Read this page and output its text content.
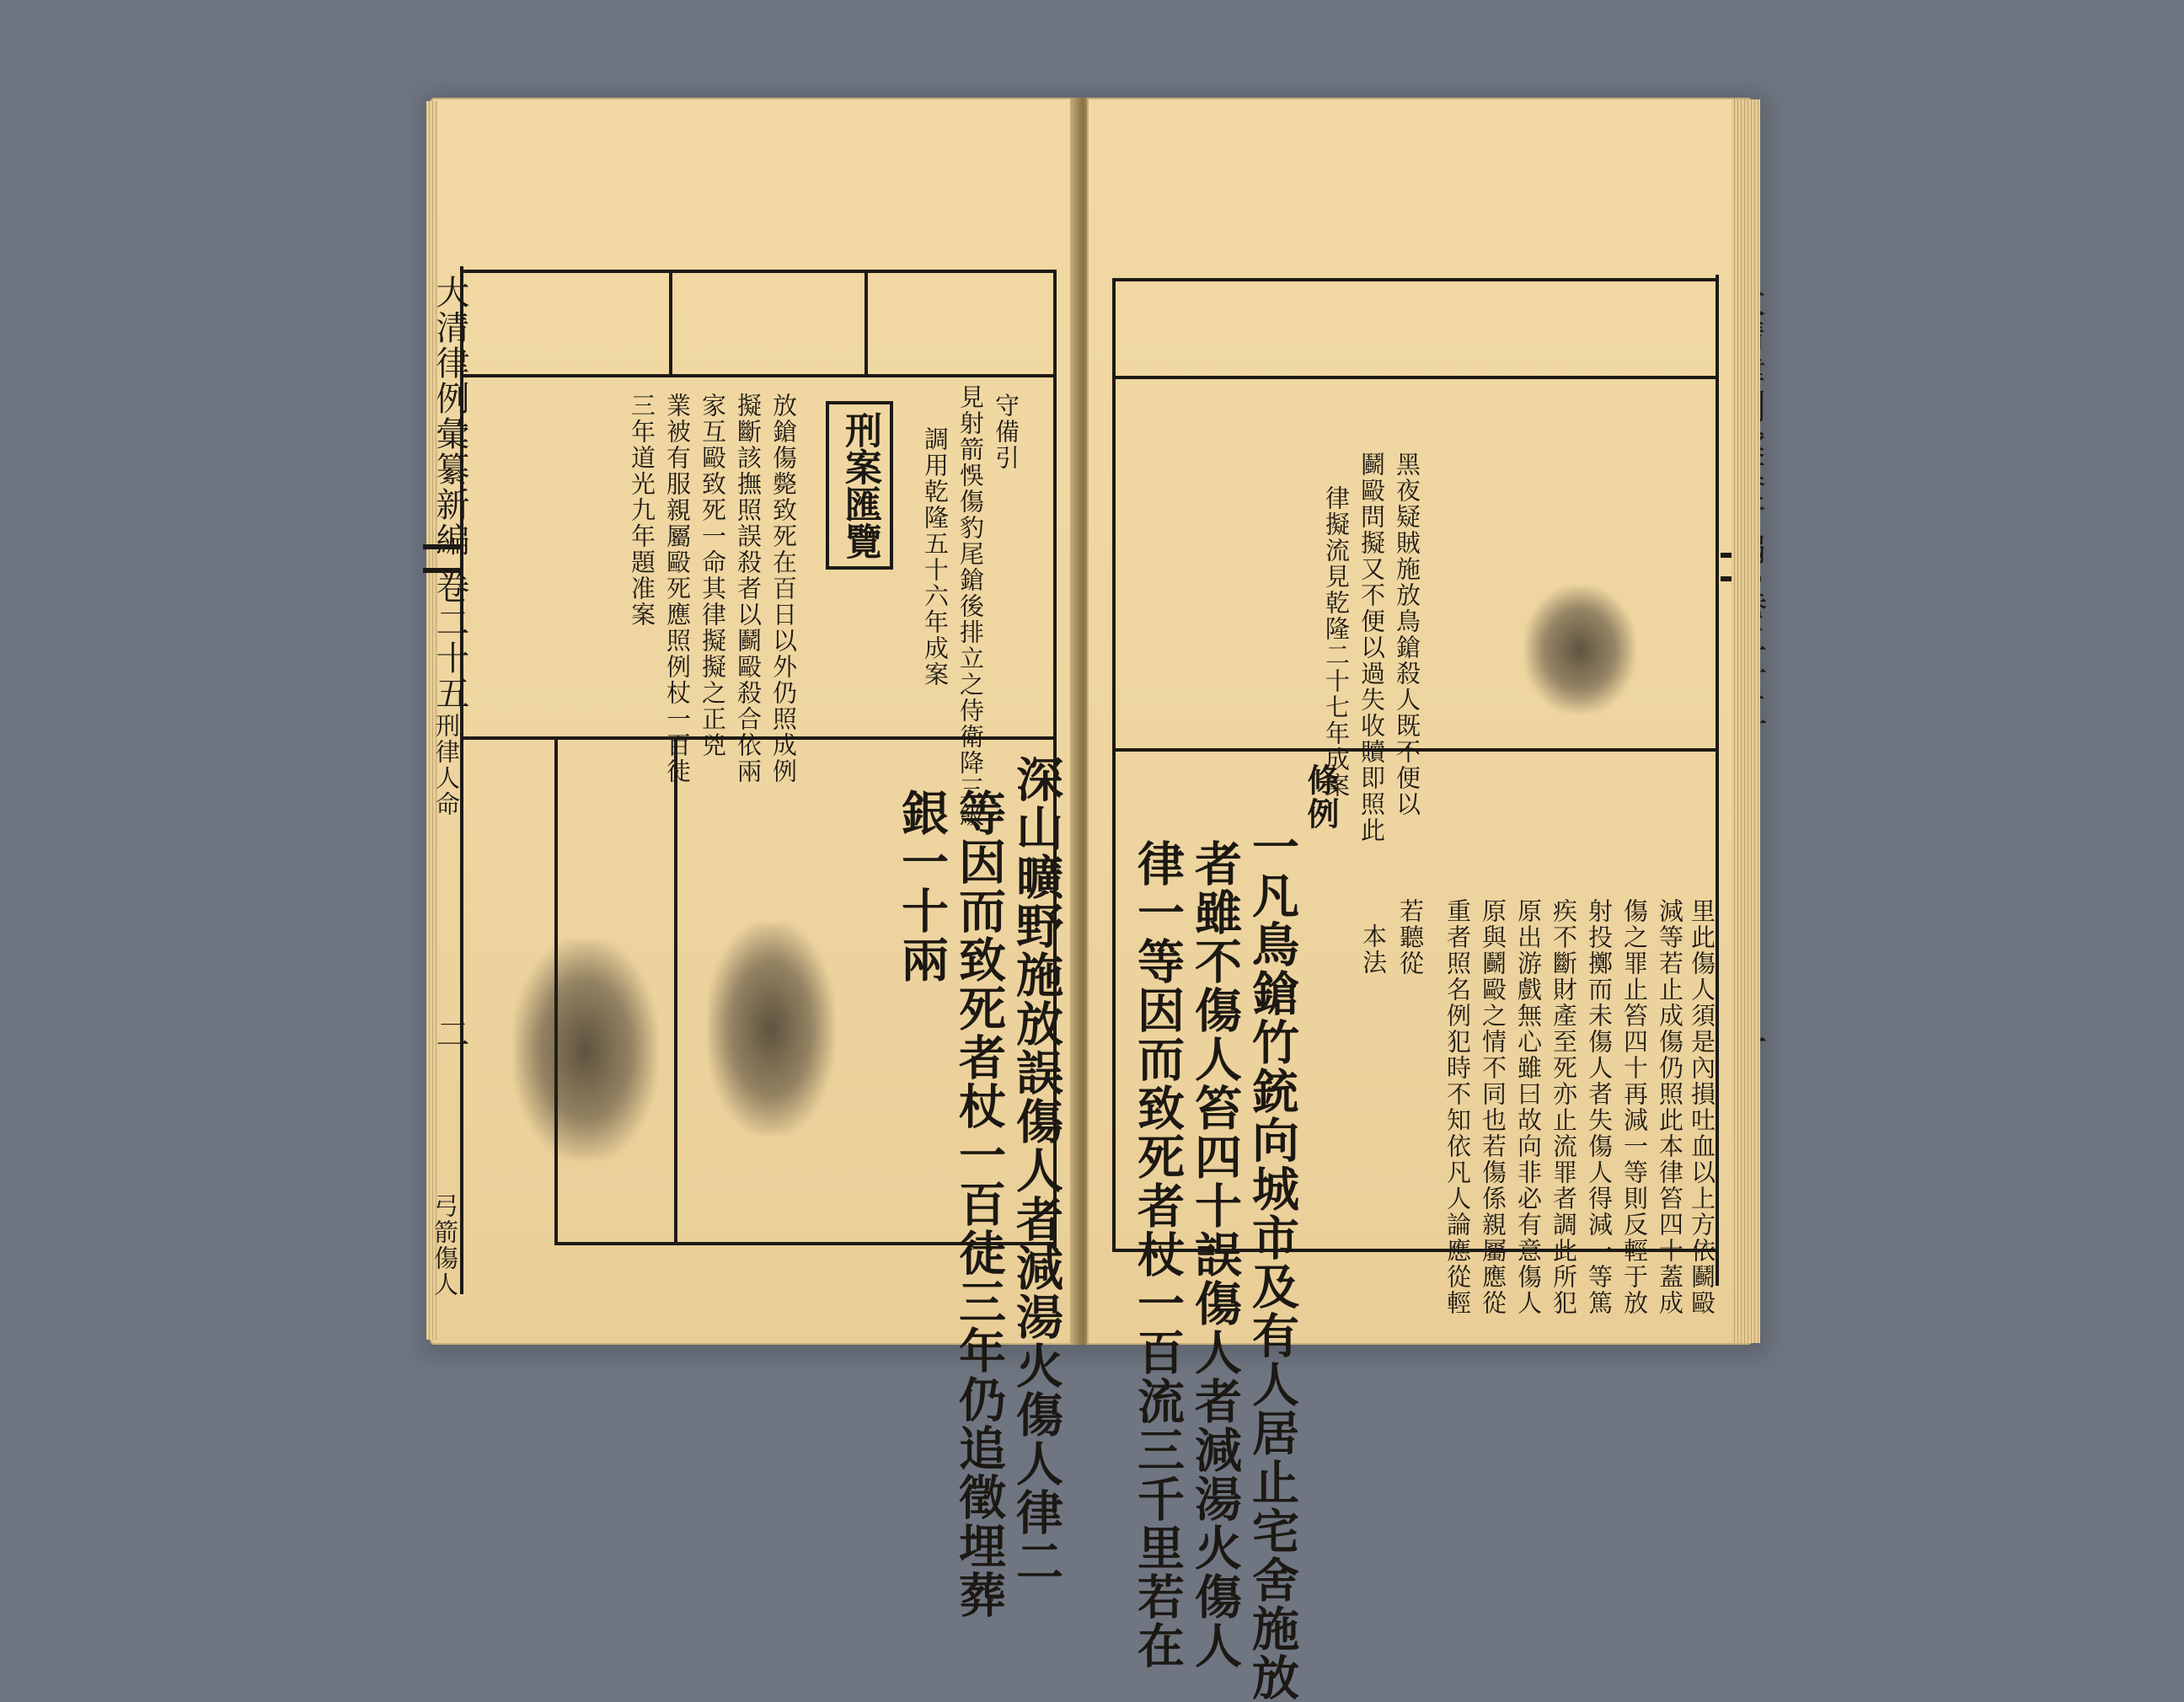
大清律例彙纂新編
卷二十五
刑律人命
二
弓箭傷人
刑案匯覽	守備引
見射箭悞傷豹尾鎗後排立之侍衛降三級
調用乾隆五十六年成案
放鎗傷斃致死在百日以外仍照成例
擬斷該撫照誤殺者以鬬毆殺合依兩
家互毆致死一命其律擬擬之正兇
業被有服親屬毆死應照例杖一百徒
三年道光九年題准案
深山曠野施放誤傷人者減湯火傷人律二
等因而致死者杖一百徒三年仍追徵埋葬
銀一十兩
黑夜疑賊施放鳥鎗殺人既不便以
鬬毆問擬又不便以過失收贖即照此
律擬流見乾隆二十七年成案
條例
一凡鳥鎗竹銃向城市及有人居止宅舍施放
者雖不傷人笞四十誤傷人者減湯火傷人
律一等因而致死者杖一百流三千里若在	本法 若聽從 重者照名例犯時不知依凡人論應從輕 原與鬬毆之情不同也若傷係親屬應從 原出游戲無心雖曰故向非必有意傷人 疾不斷財產至死亦止流罪者調此所犯 射投擲而未傷人者失傷人得減一等篤 傷之罪止笞四十再減一等則反輕于放 減等若止成傷仍照此本律笞四十蓋成 里此傷人須是內損吐血以上方依鬬毆
